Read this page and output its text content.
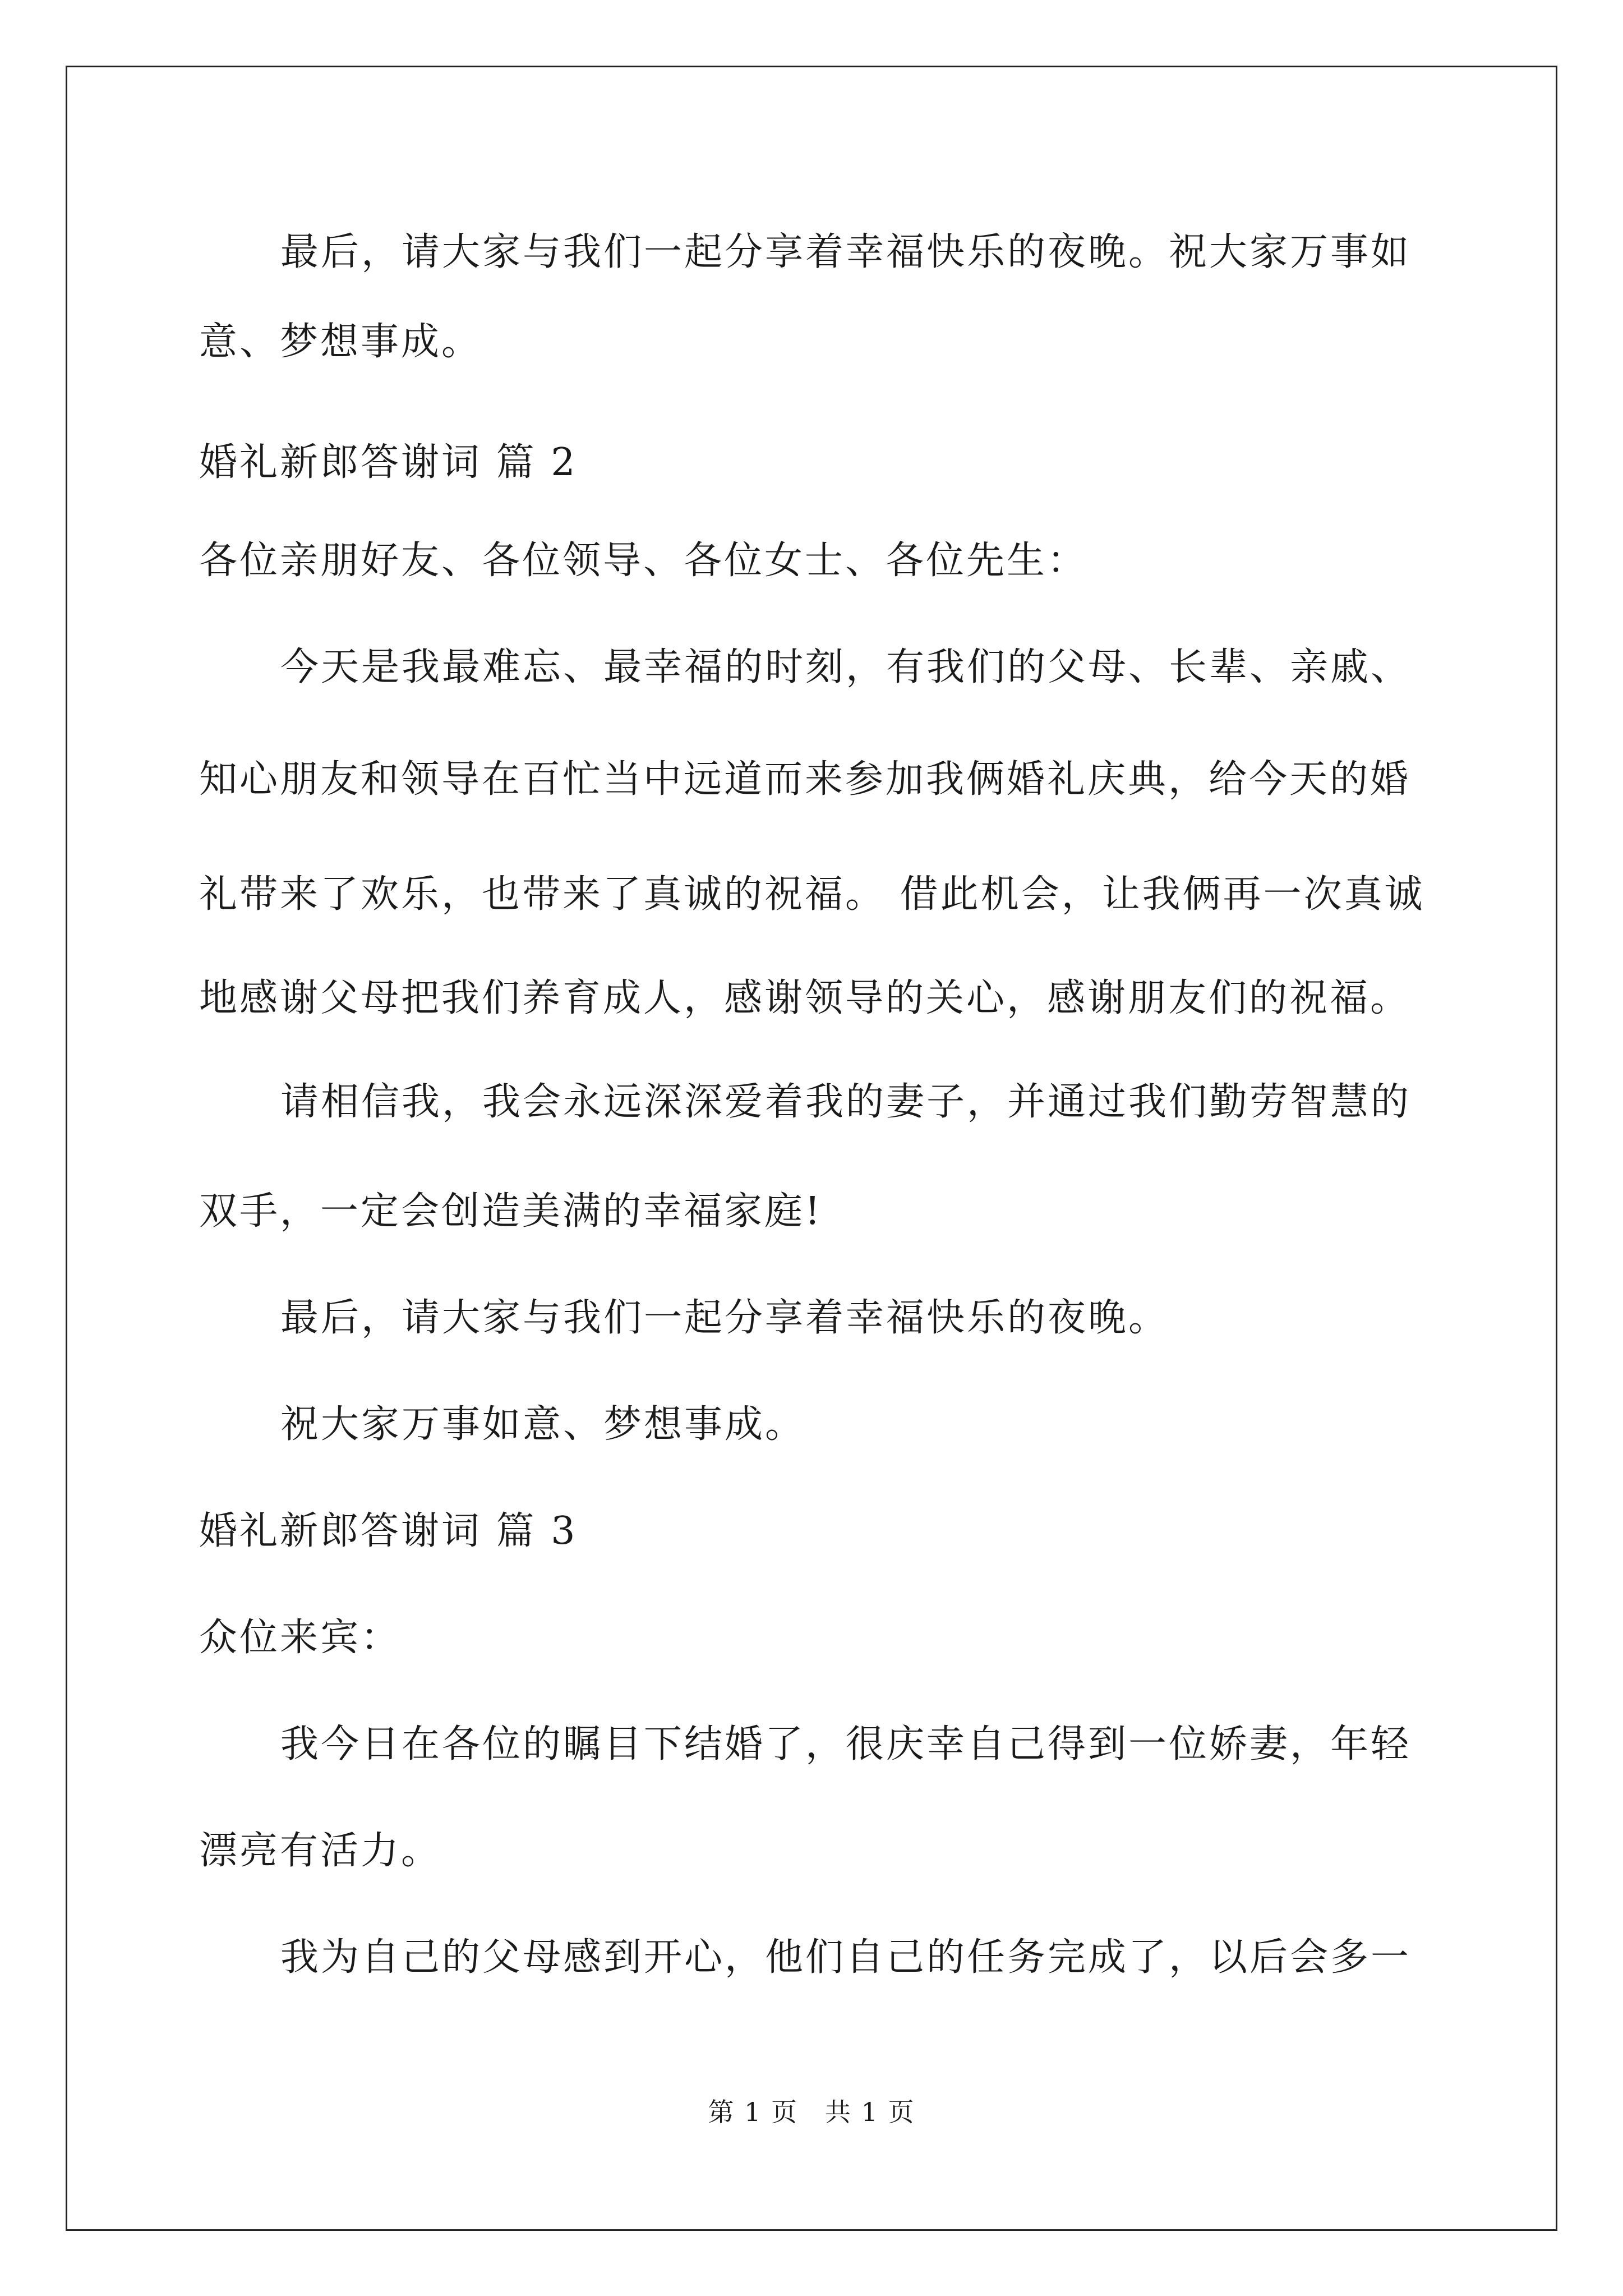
最后，请大家与我们一起分享着幸福快乐的夜晚。祝大家万事如
意、梦想事成。
婚礼新郎答谢词 篇 2
各位亲朋好友、各位领导、各位女士、各位先生：
今天是我最难忘、最幸福的时刻，有我们的父母、长辈、亲戚、
知心朋友和领导在百忙当中远道而来参加我俩婚礼庆典，给今天的婚
礼带来了欢乐，也带来了真诚的祝福。 借此机会，让我俩再一次真诚
地感谢父母把我们养育成人，感谢领导的关心，感谢朋友们的祝福。
请相信我，我会永远深深爱着我的妻子，并通过我们勤劳智慧的
双手，一定会创造美满的幸福家庭!
最后，请大家与我们一起分享着幸福快乐的夜晚。
祝大家万事如意、梦想事成。
婚礼新郎答谢词 篇 3
众位来宾：
我今日在各位的瞩目下结婚了，很庆幸自己得到一位娇妻，年轻
漂亮有活力。
我为自己的父母感到开心，他们自己的任务完成了，以后会多一
第 1 页　共 1 页
